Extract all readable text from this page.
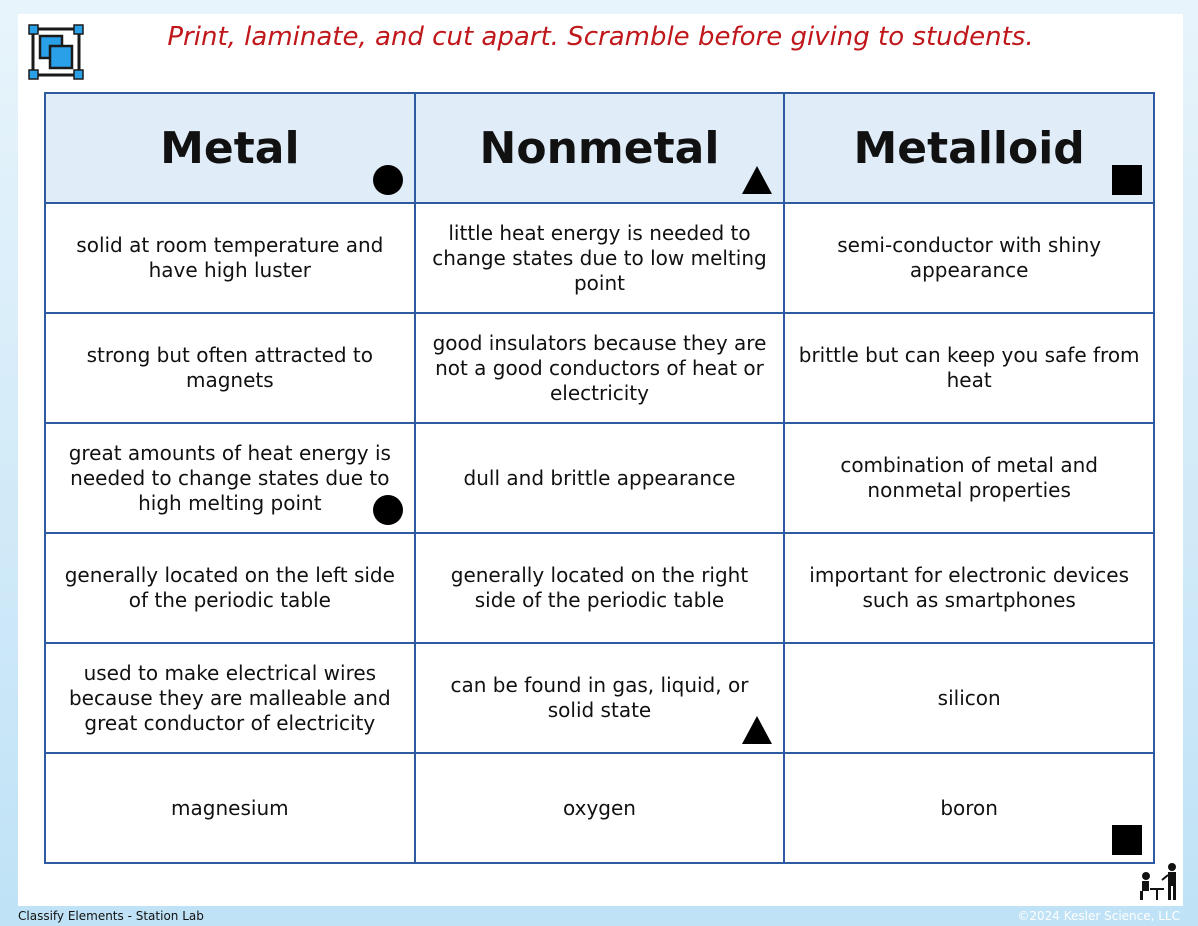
Print, laminate, and cut apart. Scramble before giving to students.
Metal	Nonmetal	Metalloid

solid at room temperature and have high luster	little heat energy is needed to change states due to low melting point	semi-conductor with shiny appearance
strong but often attracted to magnets	good insulators because they are not a good conductors of heat or electricity	brittle but can keep you safe from heat
great amounts of heat energy is needed to change states due to high melting point	dull and brittle appearance	combination of metal and nonmetal properties
generally located on the left side of the periodic table	generally located on the right side of the periodic table	important for electronic devices such as smartphones
used to make electrical wires because they are malleable and great conductor of electricity	can be found in gas, liquid, or solid state	silicon
magnesium	oxygen	boron
Classify Elements - Station Lab	©2024 Kesler Science, LLC
